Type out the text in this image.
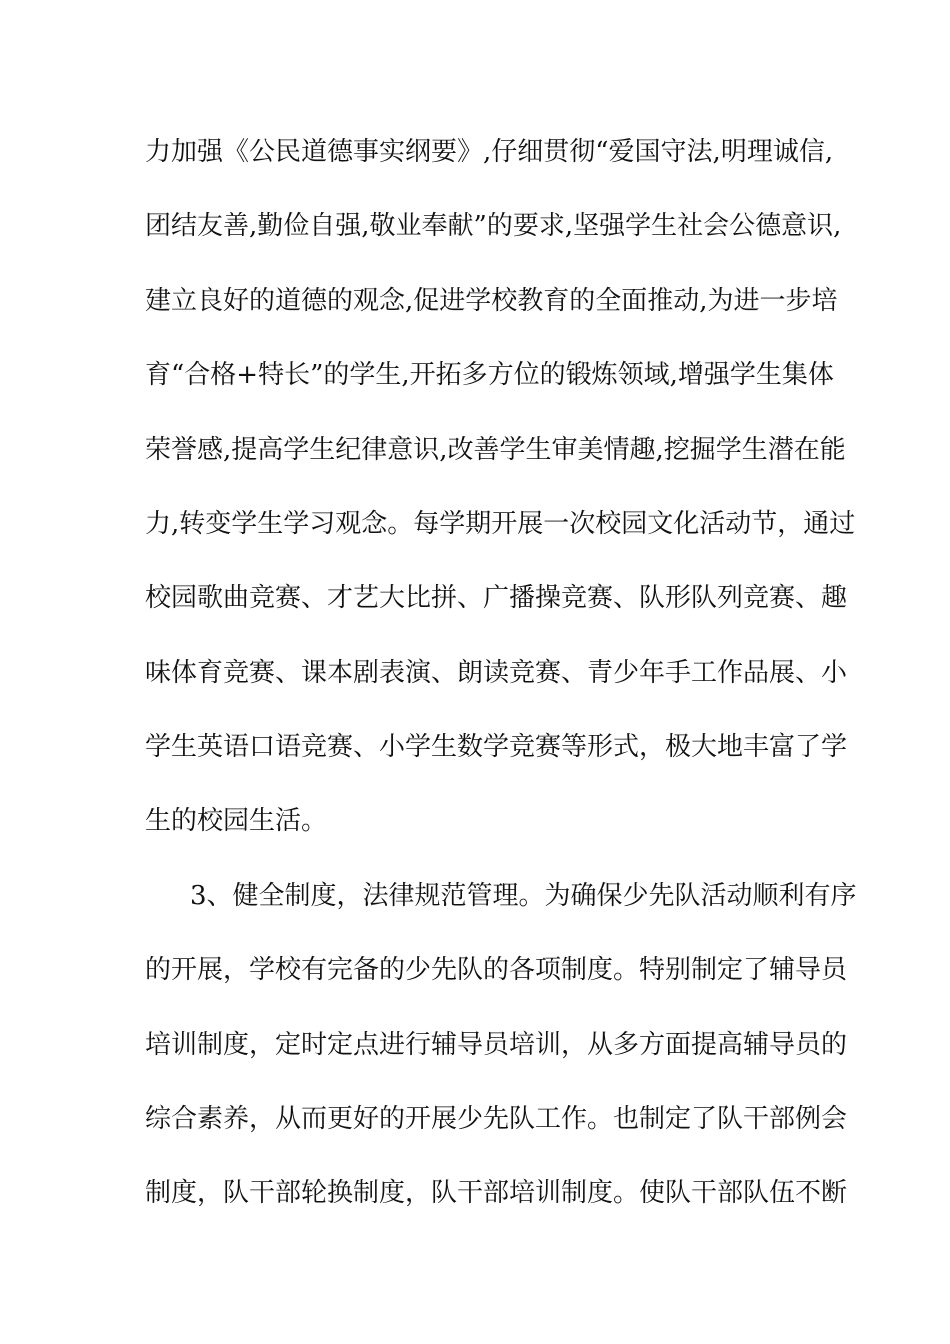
力加强《公民道德事实纲要》,仔细贯彻“爱国守法,明理诚信,
团结友善,勤俭自强,敬业奉献”的要求,坚强学生社会公德意识,
建立良好的道德的观念,促进学校教育的全面推动,为进一步培
育“合格+特长”的学生,开拓多方位的锻炼领域,增强学生集体
荣誉感,提高学生纪律意识,改善学生审美情趣,挖掘学生潜在能
力,转变学生学习观念。每学期开展一次校园文化活动节，通过
校园歌曲竞赛、才艺大比拼、广播操竞赛、队形队列竞赛、趣
味体育竞赛、课本剧表演、朗读竞赛、青少年手工作品展、小
学生英语口语竞赛、小学生数学竞赛等形式，极大地丰富了学
生的校园生活。
3、健全制度，法律规范管理。为确保少先队活动顺利有序
的开展，学校有完备的少先队的各项制度。特别制定了辅导员
培训制度，定时定点进行辅导员培训，从多方面提高辅导员的
综合素养，从而更好的开展少先队工作。也制定了队干部例会
制度，队干部轮换制度，队干部培训制度。使队干部队伍不断
